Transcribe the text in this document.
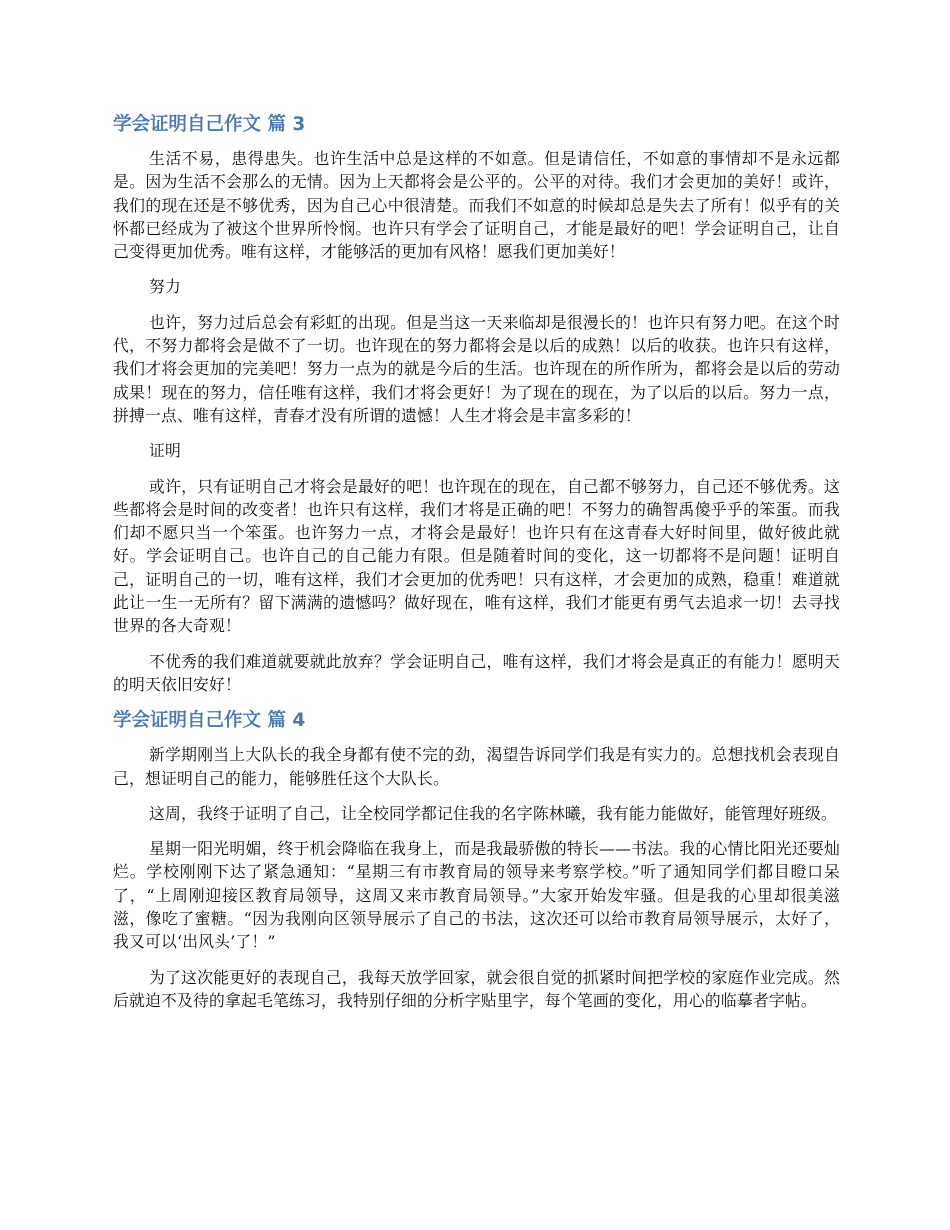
学会证明自己作文 篇 3

生活不易，患得患失。也许生活中总是这样的不如意。但是请信任，不如意的事情却不是永远都是。因为生活不会那么的无情。因为上天都将会是公平的。公平的对待。我们才会更加的美好！或许，我们的现在还是不够优秀，因为自己心中很清楚。而我们不如意的时候却总是失去了所有！似乎有的关怀都已经成为了被这个世界所怜悯。也许只有学会了证明自己，才能是最好的吧！学会证明自己，让自己变得更加优秀。唯有这样，才能够活的更加有风格！愿我们更加美好！

努力

也许，努力过后总会有彩虹的出现。但是当这一天来临却是很漫长的！也许只有努力吧。在这个时代，不努力都将会是做不了一切。也许现在的努力都将会是以后的成熟！以后的收获。也许只有这样，我们才将会更加的完美吧！努力一点为的就是今后的生活。也许现在的所作所为，都将会是以后的劳动成果！现在的努力，信任唯有这样，我们才将会更好！为了现在的现在，为了以后的以后。努力一点，拼搏一点、唯有这样，青春才没有所谓的遗憾！人生才将会是丰富多彩的！

证明

或许，只有证明自己才将会是最好的吧！也许现在的现在，自己都不够努力，自己还不够优秀。这些都将会是时间的改变者！也许只有这样，我们才将是正确的吧！不努力的确智禹傻乎乎的笨蛋。而我们却不愿只当一个笨蛋。也许努力一点，才将会是最好！也许只有在这青春大好时间里，做好彼此就好。学会证明自己。也许自己的自己能力有限。但是随着时间的变化，这一切都将不是问题！证明自己，证明自己的一切，唯有这样，我们才会更加的优秀吧！只有这样，才会更加的成熟，稳重！难道就此让一生一无所有？留下满满的遗憾吗？做好现在，唯有这样，我们才能更有勇气去追求一切！去寻找世界的各大奇观！

不优秀的我们难道就要就此放弃？学会证明自己，唯有这样，我们才将会是真正的有能力！愿明天的明天依旧安好！

学会证明自己作文 篇 4

新学期刚当上大队长的我全身都有使不完的劲，渴望告诉同学们我是有实力的。总想找机会表现自己，想证明自己的能力，能够胜任这个大队长。

这周，我终于证明了自己，让全校同学都记住我的名字陈林曦，我有能力能做好，能管理好班级。

星期一阳光明媚，终于机会降临在我身上，而是我最骄傲的特长——书法。我的心情比阳光还要灿烂。学校刚刚下达了紧急通知：“星期三有市教育局的领导来考察学校。”听了通知同学们都目瞪口呆了，“上周刚迎接区教育局领导，这周又来市教育局领导。”大家开始发牢骚。但是我的心里却很美滋滋，像吃了蜜糖。“因为我刚向区领导展示了自己的书法，这次还可以给市教育局领导展示，太好了，我又可以‘出风头’了！”

为了这次能更好的表现自己，我每天放学回家，就会很自觉的抓紧时间把学校的家庭作业完成。然后就迫不及待的拿起毛笔练习，我特别仔细的分析字贴里字，每个笔画的变化，用心的临摹者字帖。
